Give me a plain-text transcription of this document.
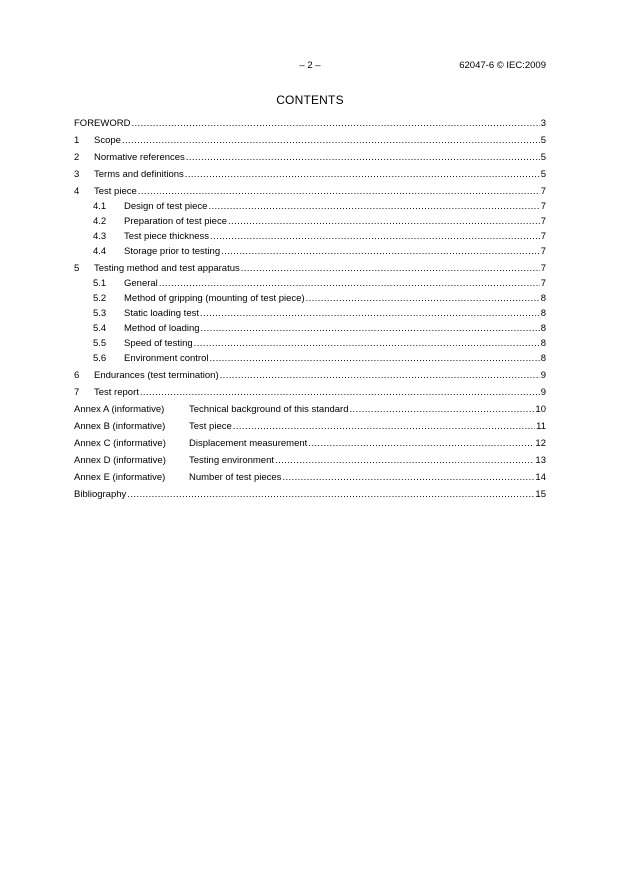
– 2 –	62047-6 © IEC:2009
CONTENTS
FOREWORD .....	3
1	Scope .....	5
2	Normative references .....	5
3	Terms and definitions .....	5
4	Test piece .....	7
4.1	Design of test piece .....	7
4.2	Preparation of test piece .....	7
4.3	Test piece thickness .....	7
4.4	Storage prior to testing .....	7
5	Testing method and test apparatus .....	7
5.1	General .....	7
5.2	Method of gripping (mounting of test piece) .....	8
5.3	Static loading test .....	8
5.4	Method of loading .....	8
5.5	Speed of testing .....	8
5.6	Environment control .....	8
6	Endurances (test termination) .....	9
7	Test report .....	9
Annex A (informative)	Technical background of this standard .....	10
Annex B (informative)	Test piece .....	11
Annex C (informative)	Displacement measurement .....	12
Annex D (informative)	Testing environment .....	13
Annex E (informative)	Number of test pieces .....	14
Bibliography .....	15
